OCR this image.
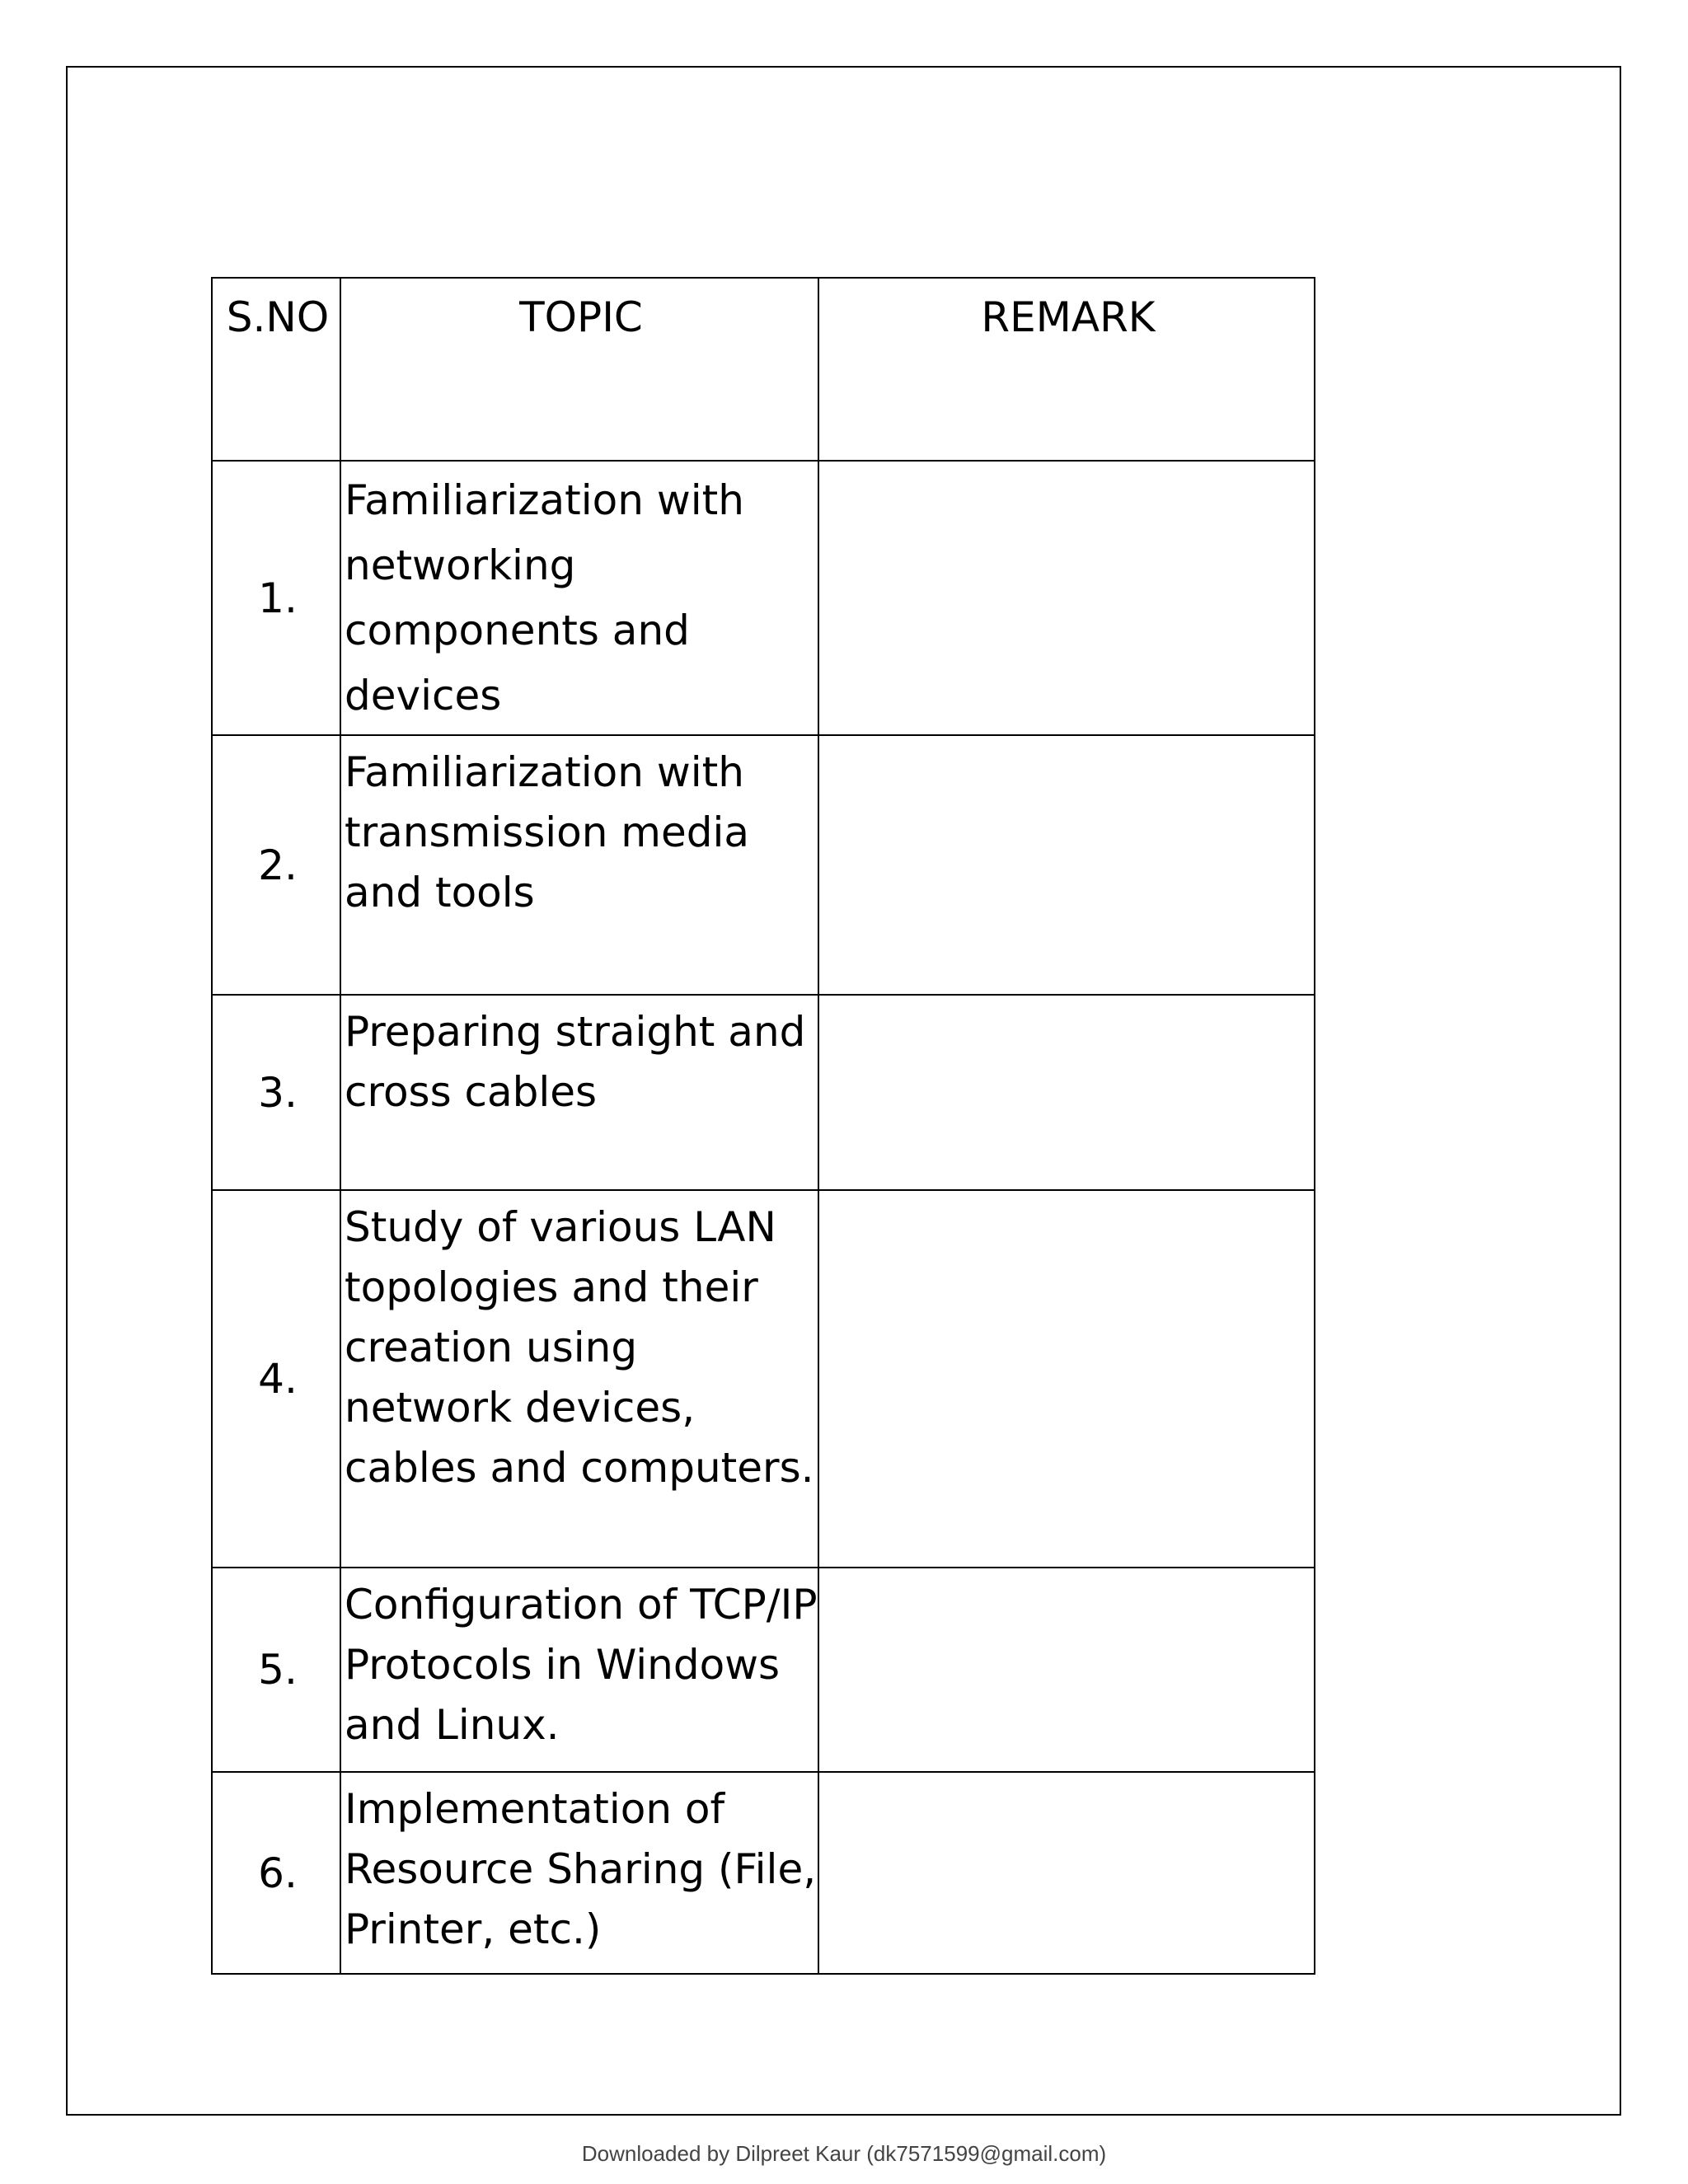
S.NO	TOPIC	REMARK
1.	Familiarization with networking components and devices	
2.	Familiarization with transmission media and tools	
3.	Preparing straight and cross cables	
4.	Study of various LAN topologies and their creation using network devices, cables and computers.	
5.	Configuration of TCP/IP Protocols in Windows and Linux.	
6.	Implementation of Resource Sharing (File, Printer, etc.)	
Downloaded by Dilpreet Kaur (dk7571599@gmail.com)
